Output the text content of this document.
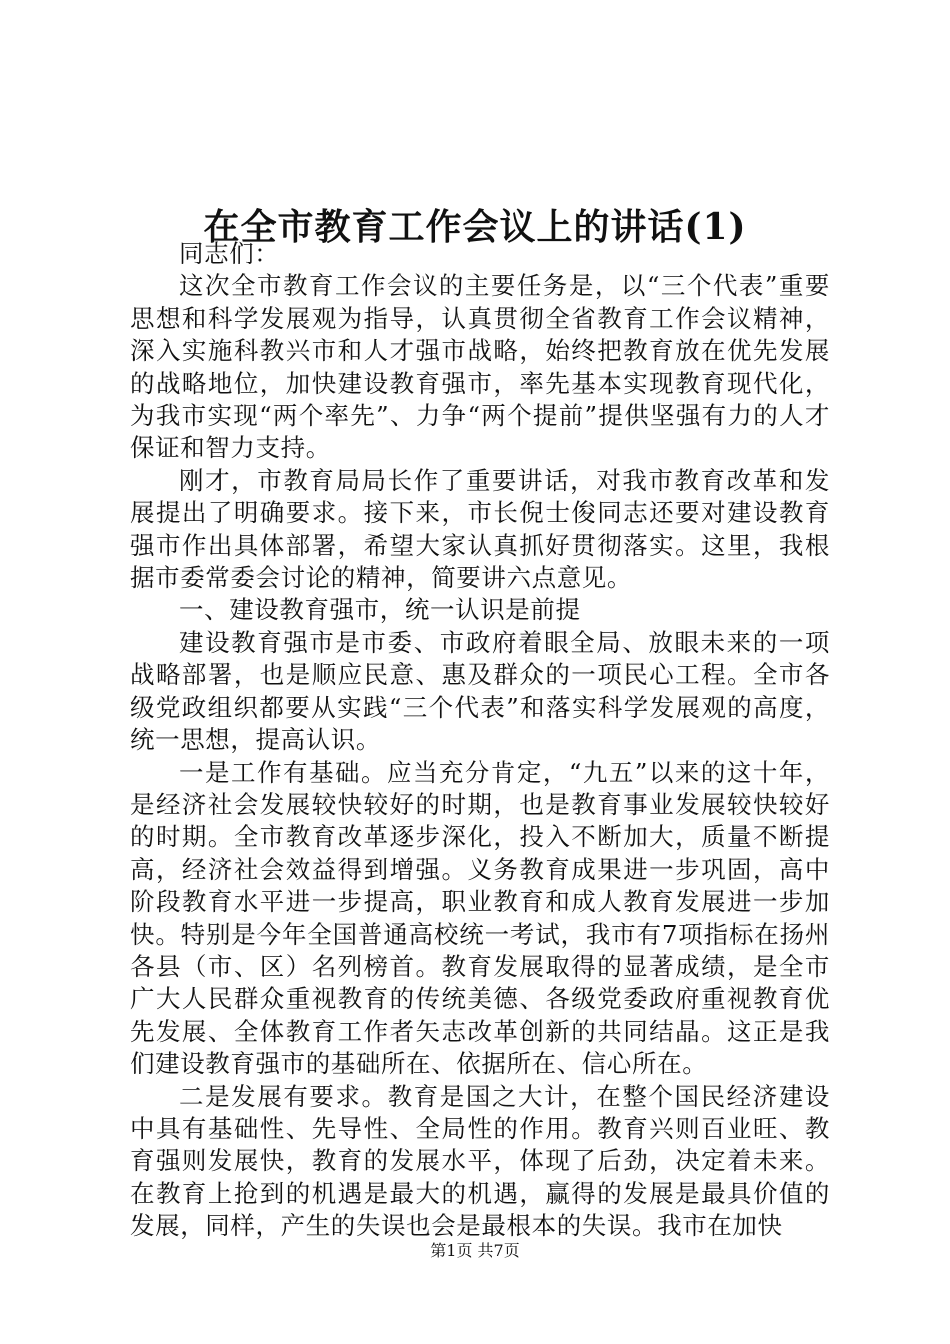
在全市教育工作会议上的讲话(1)

同志们：

这次全市教育工作会议的主要任务是，以“三个代表”重要思想和科学发展观为指导，认真贯彻全省教育工作会议精神，深入实施科教兴市和人才强市战略，始终把教育放在优先发展的战略地位，加快建设教育强市，率先基本实现教育现代化，为我市实现“两个率先”、力争“两个提前”提供坚强有力的人才保证和智力支持。

刚才，市教育局局长作了重要讲话，对我市教育改革和发展提出了明确要求。接下来，市长倪士俊同志还要对建设教育强市作出具体部署，希望大家认真抓好贯彻落实。这里，我根据市委常委会讨论的精神，简要讲六点意见。

一、建设教育强市，统一认识是前提

建设教育强市是市委、市政府着眼全局、放眼未来的一项战略部署，也是顺应民意、惠及群众的一项民心工程。全市各级党政组织都要从实践“三个代表”和落实科学发展观的高度，统一思想，提高认识。

一是工作有基础。应当充分肯定，“九五”以来的这十年，是经济社会发展较快较好的时期，也是教育事业发展较快较好的时期。全市教育改革逐步深化，投入不断加大，质量不断提高，经济社会效益得到增强。义务教育成果进一步巩固，高中阶段教育水平进一步提高，职业教育和成人教育发展进一步加快。特别是今年全国普通高校统一考试，我市有7项指标在扬州各县（市、区）名列榜首。教育发展取得的显著成绩，是全市广大人民群众重视教育的传统美德、各级党委政府重视教育优先发展、全体教育工作者矢志改革创新的共同结晶。这正是我们建设教育强市的基础所在、依据所在、信心所在。

二是发展有要求。教育是国之大计，在整个国民经济建设中具有基础性、先导性、全局性的作用。教育兴则百业旺、教育强则发展快，教育的发展水平，体现了后劲，决定着未来。在教育上抢到的机遇是最大的机遇，赢得的发展是最具价值的发展，同样，产生的失误也会是最根本的失误。我市在加快

第1页 共7页
